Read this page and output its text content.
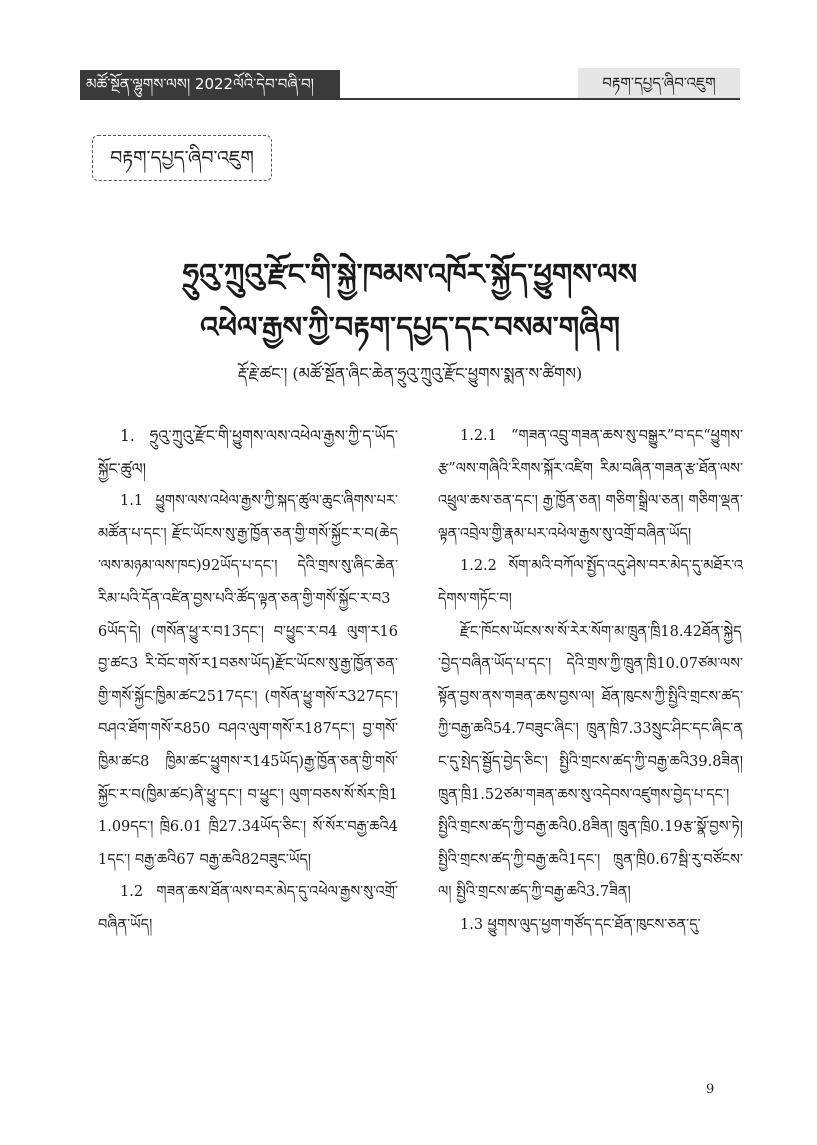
མཚོ་སྔོན་ལྷུགས་ལས། 2022ལོའི་དེབ་བཞི་བ།	བརྟག་དཔྱད་ཞིབ་འཇུག
བརྟག་དཔྱད་ཞིབ་འཇུག
ཧྲུའུ་ཀྲུའུ་རྫོང་གི་སྐྱེ་ཁམས་འཁོར་སྐྱོད་ཕྱུགས་ལས
འཕེལ་རྒྱས་ཀྱི་བརྟག་དཔྱད་དང་བསམ་གཞིག
རྡོ་རྗེ་ཚང་། (མཚོ་སྔོན་ཞིང་ཆེན་ཧྲུའུ་ཀྲུའུ་རྫོང་ཕྱུགས་སྨན་ས་ཚིགས)

1. ཧྲུའུ་ཀྲུའུ་རྫོང་གི་ཕྱུགས་ལས་འཕེལ་རྒྱས་ཀྱི་ད་ཡོད་སྐྱོང་ཚུལ།

1.1 ཕྱུགས་ལས་འཕེལ་རྒྱས་ཀྱི་སྐད་ཚུལ་ཆུང་ཞིགས་པར་མཚོན་པ་དང་། རྫོང་ཡོངས་སུ་རྒྱ་ཁྱོན་ཅན་གྱི་གསོ་སྐྱོང་ར་བ(ཆེད་ལས་མཉམ་ལས་ཁང)92ཡོད་པ་དང་། དེའི་གྲས་སུ་ཞིང་ཆེན་རིམ་པའི་དོན་འཛིན་བྱས་པའི་ཚོད་ལྟན་ཅན་གྱི་གསོ་སྐྱོང་ར་བ36ཡོད་དེ། (གསོན་ཕྱུ་ར་བ13དང་། བ་ཕྱུང་ར་བ4 ལུག་ར16 བྱ་ཚང3 རི་བོང་གསོ་ར1བཅས་ཡོད)རྫོང་ཡོངས་སུ་རྒྱ་ཁྱོན་ཅན་གྱི་གསོ་སྐྱོང་ཁྱིམ་ཚང2517དང་། (གསོན་ཕྱུ་གསོ་ར327དང་། བཤའ་ཐོག་གསོ་ར850 བཤའ་ལུག་གསོ་ར187དང་། བྱ་གསོ་ཁྱིམ་ཚང8 ཁྱིམ་ཚང་ཕྱུགས་ར145ཡོད)རྒྱ་ཁྱོན་ཅན་གྱི་གསོ་སྐྱོང་ར་བ(ཁྱིམ་ཚང)ནི་ཕྱུ་དང་། བ་ཕྱུང་། ལུག་བཅས་སོ་སོར་ཁྲི11.09དང་། ཁྲི6.01 ཁྲི27.34ཡོད་ཅིང་། སོ་སོར་བརྒྱ་ཆའི41དང་། བརྒྱ་ཆའི67 བརྒྱ་ཆའི82བཟུང་ཡོད།

1.2 གཟན་ཆས་ཐོན་ལས་བར་མེད་དུ་འཕེལ་རྒྱས་སུ་འགྲོ་བཞིན་ཡོད།

1.2.1 “གཟན་འབྲུ་གཟན་ཆས་སུ་བསྒྱུར”བ་དང“ཕྱུགས་རྩ”ལས་གཞིའི་རིགས་སྐོར་འཛིག རིམ་བཞིན་གཟན་རྩ་ཐོན་ལས་འཕྲུལ་ཆས་ཅན་དང་། རྒྱ་ཁྱོན་ཅན། གཅིག་སྒྲིལ་ཅན། གཅིག་ལྡན་ལྟན་འབྲེལ་གྱི་རྣམ་པར་འཕེལ་རྒྱས་སུ་འགྲོ་བཞིན་ཡོད།

1.2.2 སོག་མའི་བཀོལ་སྤྱོད་འདུ་ཤེས་བར་མེད་དུ་མཐོར་འདེགས་གཏོང་བ།

རྫོང་ཁོངས་ཡོངས་ས་སོ་རེར་སོག་མ་ཁྲུན་ཁྲི18.42ཐོན་སྐྱེད་བྱེད་བཞིན་ཡོད་པ་དང་། དེའི་གྲས་ཀྱི་ཁྲུན་ཁྲི10.07ཙམ་ལས་སྟོན་བྱས་ནས་གཟན་ཆས་བྱས་ལ། ཐོན་ཁུངས་ཀྱི་སྤྱིའི་གྲངས་ཚད་ཀྱི་བརྒྱ་ཆའི54.7བཟུང་ཞིང་། ཁྲུན་ཁྲི7.33སྲུང་ཤིང་དང་ཞིང་ནང་དུ་སྤེད་སྦྱོད་བྱེད་ཅིང་། སྤྱིའི་གྲངས་ཚད་ཀྱི་བརྒྱ་ཆའི39.8ཟིན། ཁྲུན་ཁྲི1.52ཙམ་གཟན་ཆས་སུ་འདེབས་འཛུགས་བྱེད་པ་དང་། སྤྱིའི་གྲངས་ཚད་ཀྱི་བརྒྱ་ཆའི0.8ཟིན། ཁྲུན་ཁྲི0.19རྩ་སྣོ་བྱས་ཏེ། སྤྱིའི་གྲངས་ཚད་ཀྱི་བརྒྱ་ཆའི1དང་། ཁྲུན་ཁྲི0.67སྦི་རུ་བཙོངས་ལ། སྤྱིའི་གྲངས་ཚད་ཀྱི་བརྒྱ་ཆའི3.7ཟིན།

1.3 ཕྱུགས་ལུད་ཕྱག་གཙོད་དང་ཐོན་ཁུངས་ཅན་དུ་

9
